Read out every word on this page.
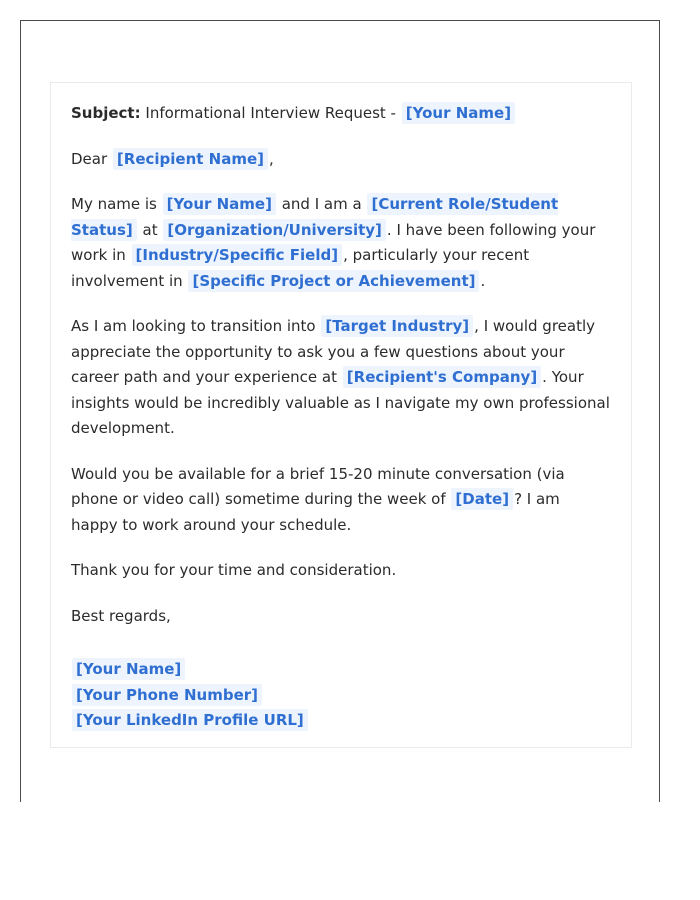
Subject: Informational Interview Request - [Your Name]

Dear [Recipient Name] ,

My name is [Your Name] and I am a [Current Role/Student Status] at [Organization/University] . I have been following your work in [Industry/Specific Field] , particularly your recent involvement in [Specific Project or Achievement] .

As I am looking to transition into [Target Industry] , I would greatly appreciate the opportunity to ask you a few questions about your career path and your experience at [Recipient's Company] . Your insights would be incredibly valuable as I navigate my own professional development.

Would you be available for a brief 15-20 minute conversation (via phone or video call) sometime during the week of [Date] ? I am happy to work around your schedule.

Thank you for your time and consideration.

Best regards,

[Your Name]
[Your Phone Number]
[Your LinkedIn Profile URL]
